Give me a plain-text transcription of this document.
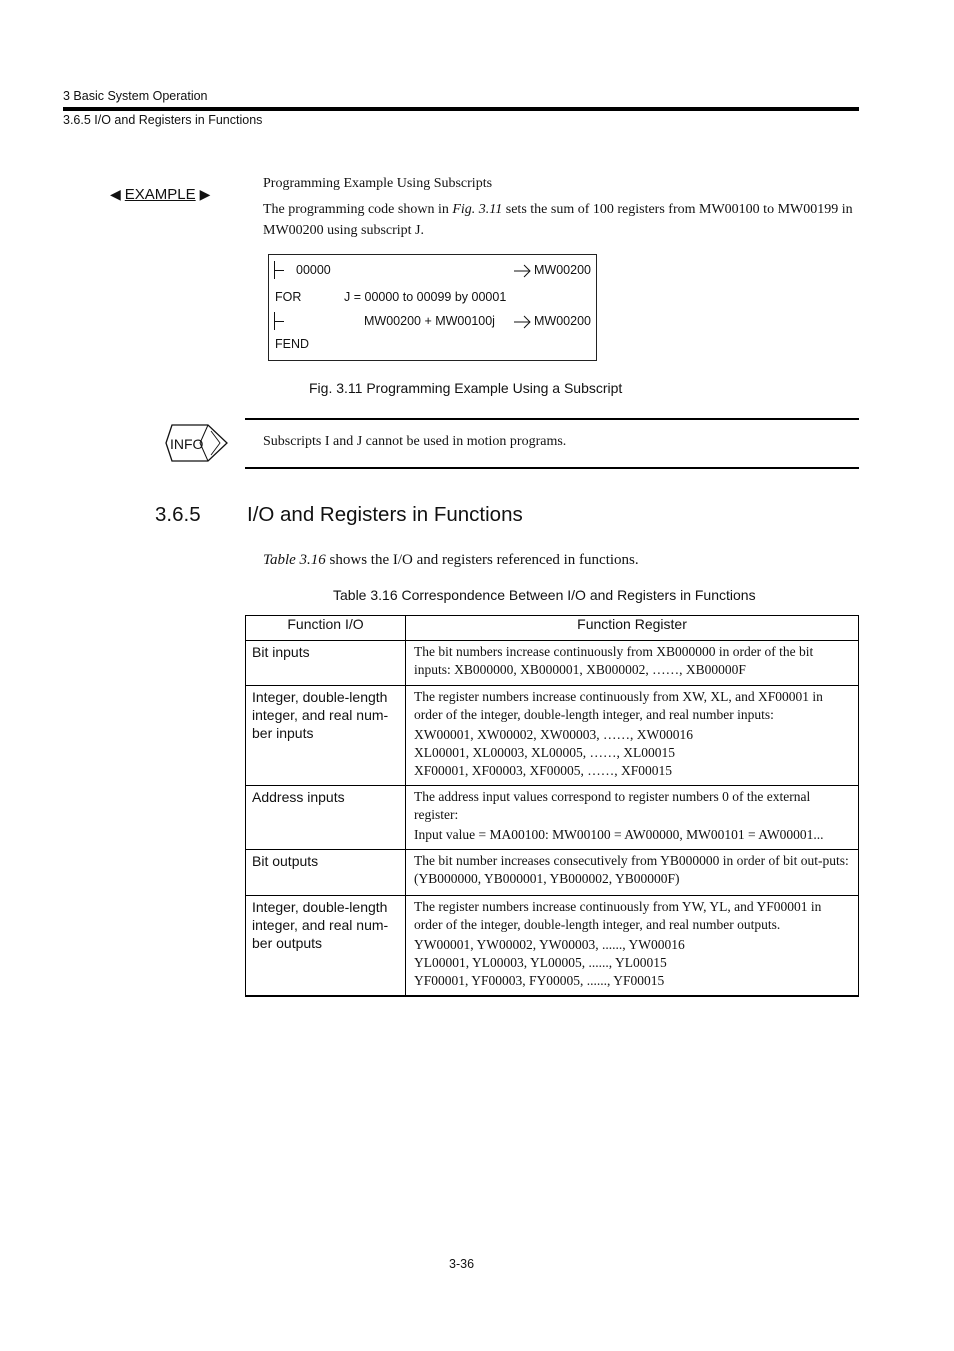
3 Basic System Operation
3.6.5 I/O and Registers in Functions
◀ EXAMPLE ▶
Programming Example Using Subscripts
The programming code shown in Fig. 3.11 sets the sum of 100 registers from MW00100 to MW00199 in MW00200 using subscript J.
00000	MW00200
FOR	J = 00000 to 00099 by 00001
MW00200 + MW00100j	MW00200
FEND
Fig. 3.11 Programming Example Using a Subscript
INFO	Subscripts I and J cannot be used in motion programs.
3.6.5 I/O and Registers in Functions
Table 3.16 shows the I/O and registers referenced in functions.
Table 3.16 Correspondence Between I/O and Registers in Functions
Function I/O	Function Register
Bit inputs	The bit numbers increase continuously from XB000000 in order of the bit inputs: XB000000, XB000001, XB000002, ……, XB00000F

Integer, double-length integer, and real num-ber inputs	The register numbers increase continuously from XW, XL, and XF00001 in order of the integer, double-length integer, and real number inputs:
XW00001, XW00002, XW00003, ……, XW00016
XL00001, XL00003, XL00005, ……, XL00015
XF00001, XF00003, XF00005, ……, XF00015

Address inputs	The address input values correspond to register numbers 0 of the external register:
Input value = MA00100: MW00100 = AW00000, MW00101 = AW00001...

Bit outputs	The bit number increases consecutively from YB000000 in order of bit out-puts: (YB000000, YB000001, YB000002, YB00000F)

Integer, double-length integer, and real num-ber outputs	The register numbers increase continuously from YW, YL, and YF00001 in order of the integer, double-length integer, and real number outputs.
YW00001, YW00002, YW00003, ......, YW00016
YL00001, YL00003, YL00005, ......, YL00015
YF00001, YF00003, FY00005, ......, YF00015
3-36
